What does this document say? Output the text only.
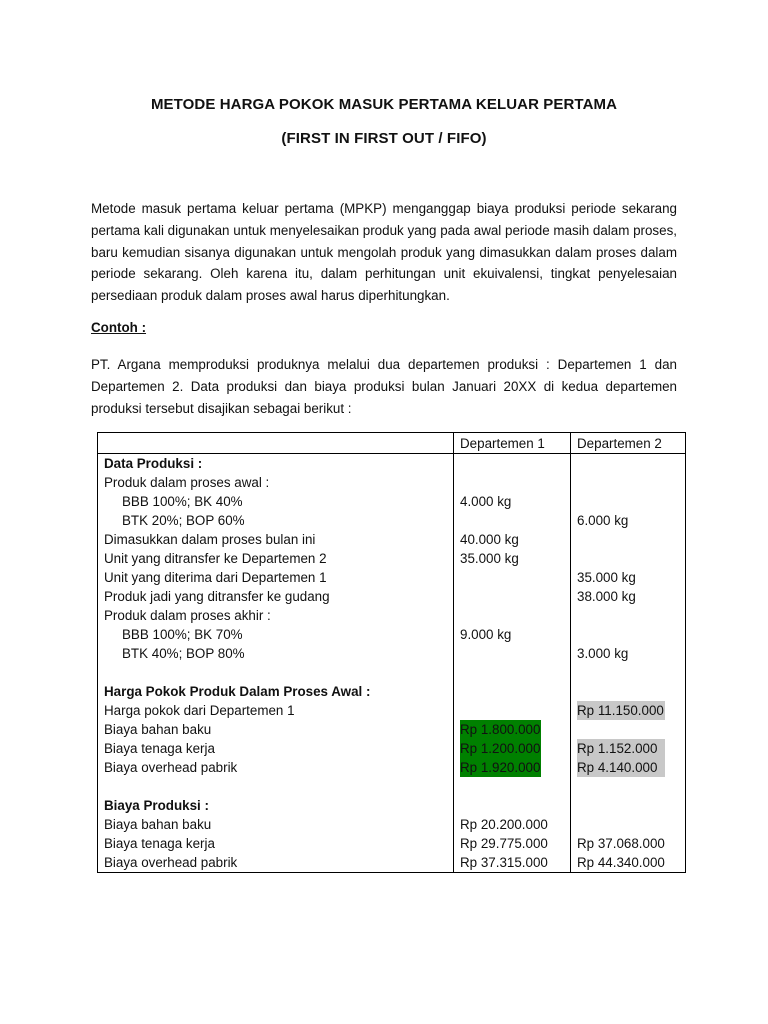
METODE HARGA POKOK MASUK PERTAMA KELUAR PERTAMA
(FIRST IN FIRST OUT / FIFO)
Metode masuk pertama keluar pertama (MPKP) menganggap biaya produksi periode sekarang pertama kali digunakan untuk menyelesaikan produk yang pada awal periode masih dalam proses, baru kemudian sisanya digunakan untuk mengolah produk yang dimasukkan dalam proses dalam periode sekarang. Oleh karena itu, dalam perhitungan unit ekuivalensi, tingkat penyelesaian persediaan produk dalam proses awal harus diperhitungkan.
Contoh :
PT. Argana memproduksi produknya melalui dua departemen produksi : Departemen 1 dan Departemen 2. Data produksi dan biaya produksi bulan Januari 20XX di kedua departemen produksi tersebut disajikan sebagai berikut :
	Departemen 1	Departemen 2
Data Produksi :		
Produk dalam proses awal :		
BBB 100%; BK 40%	4.000 kg	
BTK 20%; BOP 60%		6.000 kg
Dimasukkan dalam proses bulan ini	40.000 kg	
Unit yang ditransfer ke Departemen 2	35.000 kg	
Unit yang diterima dari Departemen 1		35.000 kg
Produk jadi yang ditransfer ke gudang		38.000 kg
Produk dalam proses akhir :		
BBB 100%; BK 70%	9.000 kg	
BTK 40%; BOP 80%		3.000 kg

Harga Pokok Produk Dalam Proses Awal :		
Harga pokok dari Departemen 1		Rp 11.150.000
Biaya bahan baku	Rp 1.800.000	
Biaya tenaga kerja	Rp 1.200.000	Rp 1.152.000
Biaya overhead pabrik	Rp 1.920.000	Rp 4.140.000

Biaya Produksi :		
Biaya bahan baku	Rp 20.200.000	
Biaya tenaga kerja	Rp 29.775.000	Rp 37.068.000
Biaya overhead pabrik	Rp 37.315.000	Rp 44.340.000
